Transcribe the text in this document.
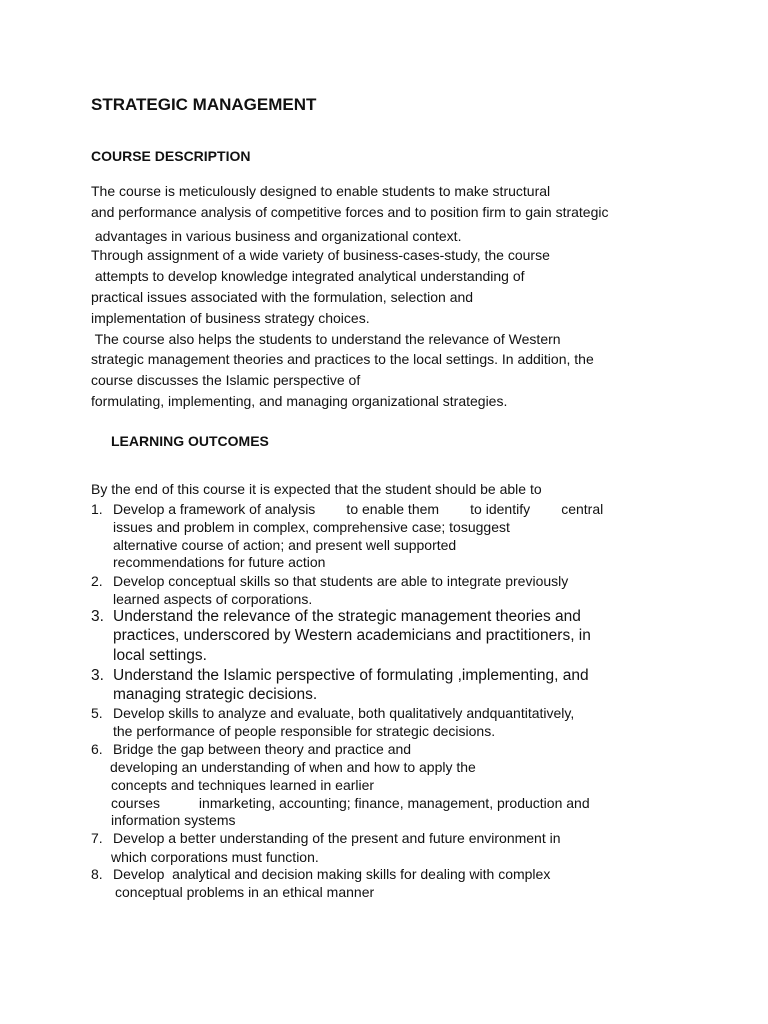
STRATEGIC MANAGEMENT
COURSE DESCRIPTION
The course is meticulously designed to enable students to make structural
and performance analysis of competitive forces and to position firm to gain strategic
advantages in various business and organizational context.
Through assignment of a wide variety of business-cases-study, the course
attempts to develop knowledge integrated analytical understanding of
practical issues associated with the formulation, selection and
implementation of business strategy choices.
The course also helps the students to understand the relevance of Western
strategic management theories and practices to the local settings. In addition, the
course discusses the Islamic perspective of
formulating, implementing, and managing organizational strategies.
LEARNING OUTCOMES
By the end of this course it is expected that the student should be able to
1. Develop a framework of analysis        to enable them        to identify        central
issues and problem in complex, comprehensive case; tosuggest
alternative course of action; and present well supported
recommendations for future action
2. Develop conceptual skills so that students are able to integrate previously
learned aspects of corporations.
3. Understand the relevance of the strategic management theories and
practices, underscored by Western academicians and practitioners, in
local settings.
3. Understand the Islamic perspective of formulating ,implementing, and
managing strategic decisions.
5. Develop skills to analyze and evaluate, both qualitatively andquantitatively,
the performance of people responsible for strategic decisions.
6. Bridge the gap between theory and practice and
developing an understanding of when and how to apply the
concepts and techniques learned in earlier
courses          inmarketing, accounting; finance, management, production and
information systems
7. Develop a better understanding of the present and future environment in
which corporations must function.
8. Develop  analytical and decision making skills for dealing with complex
conceptual problems in an ethical manner
